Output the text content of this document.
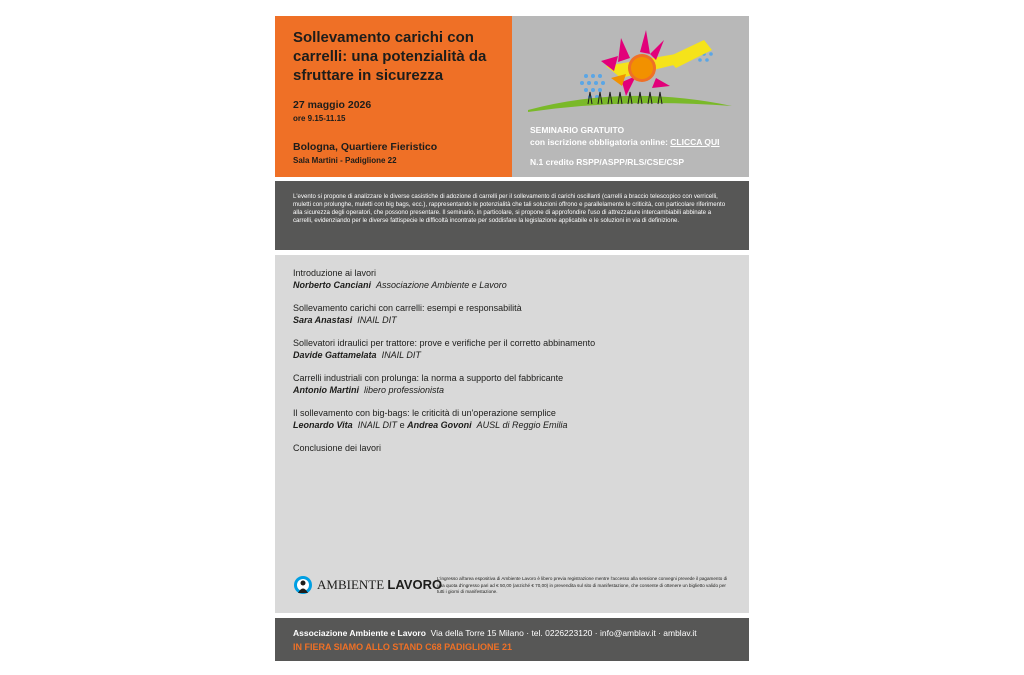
Sollevamento carichi con carrelli: una potenzialità da sfruttare in sicurezza

27 maggio 2026
ore 9.15-11.15
Bologna, Quartiere Fieristico
Sala Martini - Padiglione 22
SEMINARIO GRATUITO
con iscrizione obbligatoria online: CLICCA QUI
N.1 credito RSPP/ASPP/RLS/CSE/CSP
L'evento si propone di analizzare le diverse casistiche di adozione di carrelli per il sollevamento di carichi oscillanti (carrelli a braccio telescopico con verricelli, muletti con prolunghe, muletti con big bags, ecc.), rappresentando le potenzialità che tali soluzioni offrono e parallelamente le criticità, con particolare riferimento alla sicurezza degli operatori, che possono presentare. Il seminario, in particolare, si propone di approfondire l'uso di attrezzature intercambiabili abbinate a carrelli, evidenziando per le diverse fattispecie le difficoltà incontrate per soddisfare la legislazione applicabile e le soluzioni in via di definizione.
Introduzione ai lavori
Norberto Canciani Associazione Ambiente e Lavoro
Sollevamento carichi con carrelli: esempi e responsabilità
Sara Anastasi INAIL DIT
Sollevatori idraulici per trattore: prove e verifiche per il corretto abbinamento
Davide Gattamelata INAIL DIT
Carrelli industriali con prolunga: la norma a supporto del fabbricante
Antonio Martini libero professionista
Il sollevamento con big-bags: le criticità di un'operazione semplice
Leonardo Vita INAIL DIT e Andrea Govoni AUSL di Reggio Emilia
Conclusione dei lavori
AMBIENTE LAVORO
L'ingresso all'area espositiva di Ambiente Lavoro è libero previa registrazione mentre l'accesso alla sessione convegni prevede il pagamento di una quota d'ingresso pari ad € 50,00 (anziché € 70,00) in prevendita sul sito di manifestazione, che consente di ottenere un biglietto valido per tutti i giorni di manifestazione.
Associazione Ambiente e Lavoro Via della Torre 15 Milano · tel. 0226223120 · info@amblav.it · amblav.it
IN FIERA SIAMO ALLO STAND C68 PADIGLIONE 21
